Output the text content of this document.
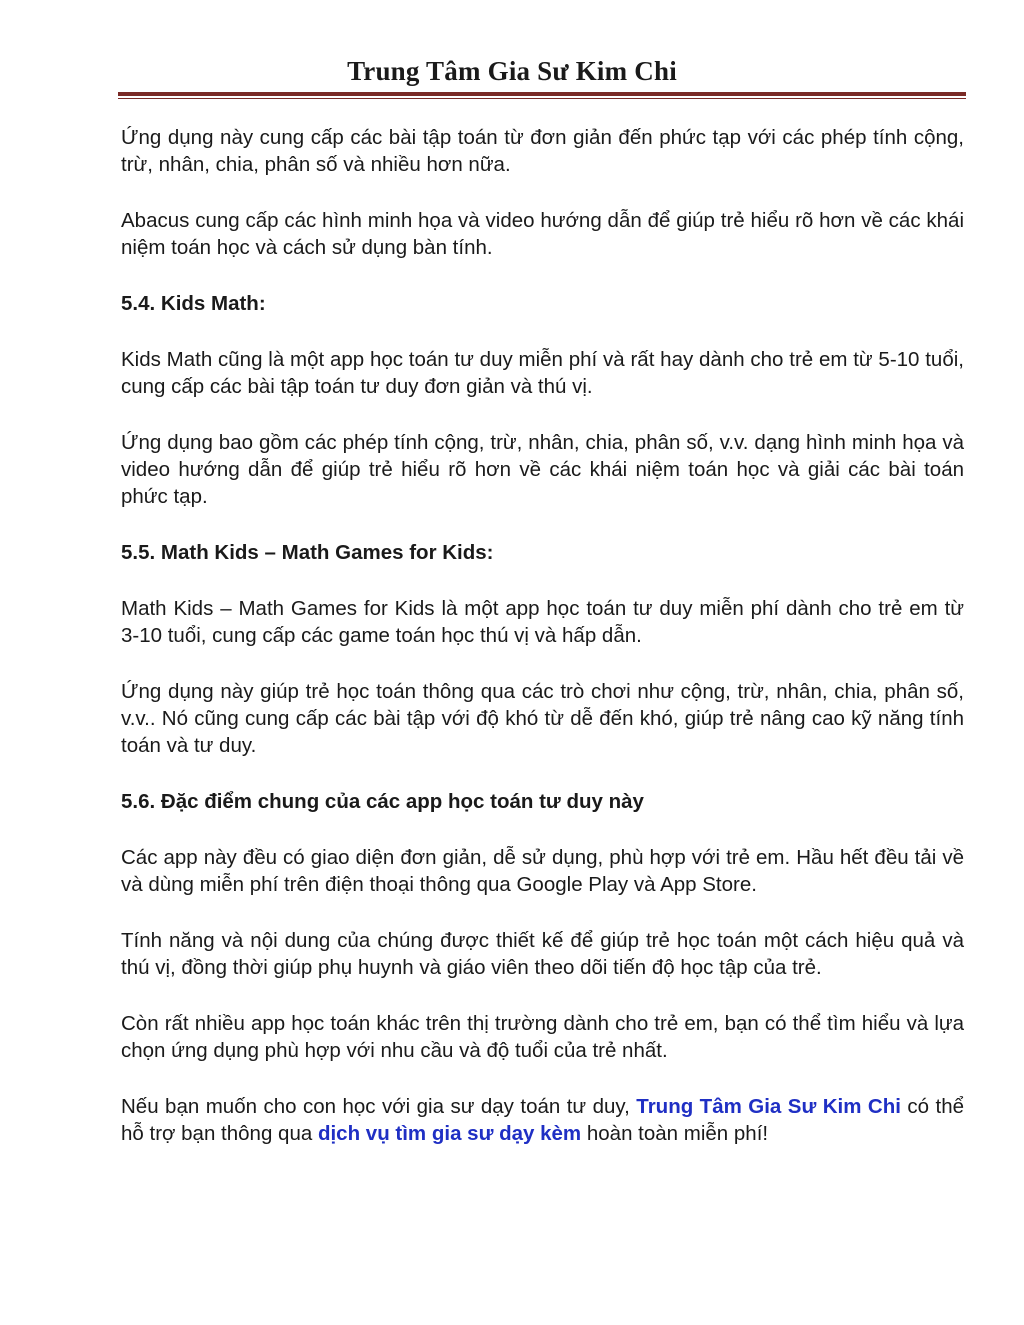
Trung Tâm Gia Sư Kim Chi

Ứng dụng này cung cấp các bài tập toán từ đơn giản đến phức tạp với các phép tính cộng, trừ, nhân, chia, phân số và nhiều hơn nữa.

Abacus cung cấp các hình minh họa và video hướng dẫn để giúp trẻ hiểu rõ hơn về các khái niệm toán học và cách sử dụng bàn tính.

5.4. Kids Math:

Kids Math cũng là một app học toán tư duy miễn phí và rất hay dành cho trẻ em từ 5-10 tuổi, cung cấp các bài tập toán tư duy đơn giản và thú vị.

Ứng dụng bao gồm các phép tính cộng, trừ, nhân, chia, phân số, v.v. dạng hình minh họa và video hướng dẫn để giúp trẻ hiểu rõ hơn về các khái niệm toán học và giải các bài toán phức tạp.

5.5. Math Kids – Math Games for Kids:

Math Kids – Math Games for Kids là một app học toán tư duy miễn phí dành cho trẻ em từ 3-10 tuổi, cung cấp các game toán học thú vị và hấp dẫn.

Ứng dụng này giúp trẻ học toán thông qua các trò chơi như cộng, trừ, nhân, chia, phân số, v.v.. Nó cũng cung cấp các bài tập với độ khó từ dễ đến khó, giúp trẻ nâng cao kỹ năng tính toán và tư duy.

5.6. Đặc điểm chung của các app học toán tư duy này

Các app này đều có giao diện đơn giản, dễ sử dụng, phù hợp với trẻ em. Hầu hết đều tải về và dùng miễn phí trên điện thoại thông qua Google Play và App Store.

Tính năng và nội dung của chúng được thiết kế để giúp trẻ học toán một cách hiệu quả và thú vị, đồng thời giúp phụ huynh và giáo viên theo dõi tiến độ học tập của trẻ.

Còn rất nhiều app học toán khác trên thị trường dành cho trẻ em, bạn có thể tìm hiểu và lựa chọn ứng dụng phù hợp với nhu cầu và độ tuổi của trẻ nhất.

Nếu bạn muốn cho con học với gia sư dạy toán tư duy, Trung Tâm Gia Sư Kim Chi có thể hỗ trợ bạn thông qua dịch vụ tìm gia sư dạy kèm hoàn toàn miễn phí!
